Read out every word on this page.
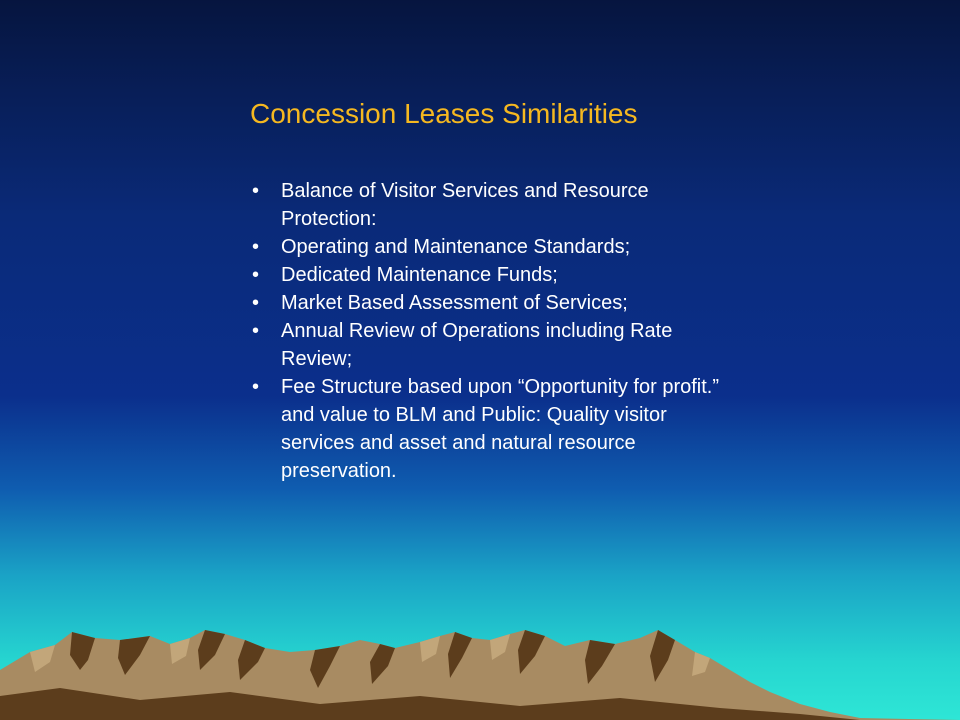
Concession Leases Similarities
• Balance of Visitor Services and Resource Protection:
• Operating and Maintenance Standards;
• Dedicated Maintenance Funds;
• Market Based Assessment of Services;
• Annual Review of Operations including Rate Review;
• Fee Structure based upon “Opportunity for profit.” and value to BLM and Public: Quality visitor services and asset and natural resource preservation.
